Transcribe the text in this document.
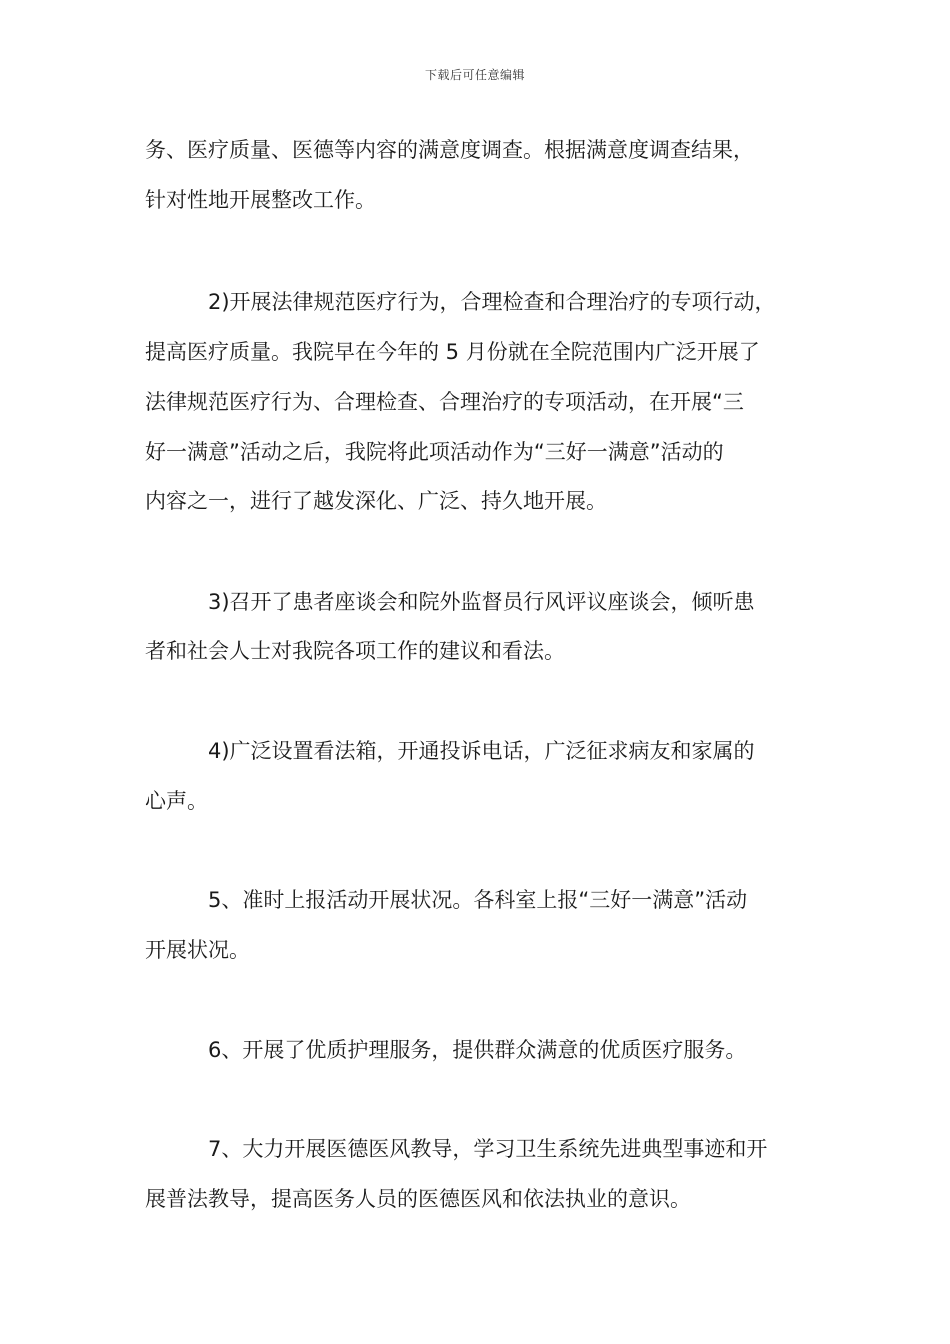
下载后可任意编辑
务、医疗质量、医德等内容的满意度调查。根据满意度调查结果，
针对性地开展整改工作。
2)开展法律规范医疗行为，合理检查和合理治疗的专项行动，
提高医疗质量。我院早在今年的 5 月份就在全院范围内广泛开展了
法律规范医疗行为、合理检查、合理治疗的专项活动，在开展“三
好一满意”活动之后，我院将此项活动作为“三好一满意”活动的
内容之一，进行了越发深化、广泛、持久地开展。
3)召开了患者座谈会和院外监督员行风评议座谈会，倾听患
者和社会人士对我院各项工作的建议和看法。
4)广泛设置看法箱，开通投诉电话，广泛征求病友和家属的
心声。
5、准时上报活动开展状况。各科室上报“三好一满意”活动
开展状况。
6、开展了优质护理服务，提供群众满意的优质医疗服务。
7、大力开展医德医风教导，学习卫生系统先进典型事迹和开
展普法教导，提高医务人员的医德医风和依法执业的意识。
